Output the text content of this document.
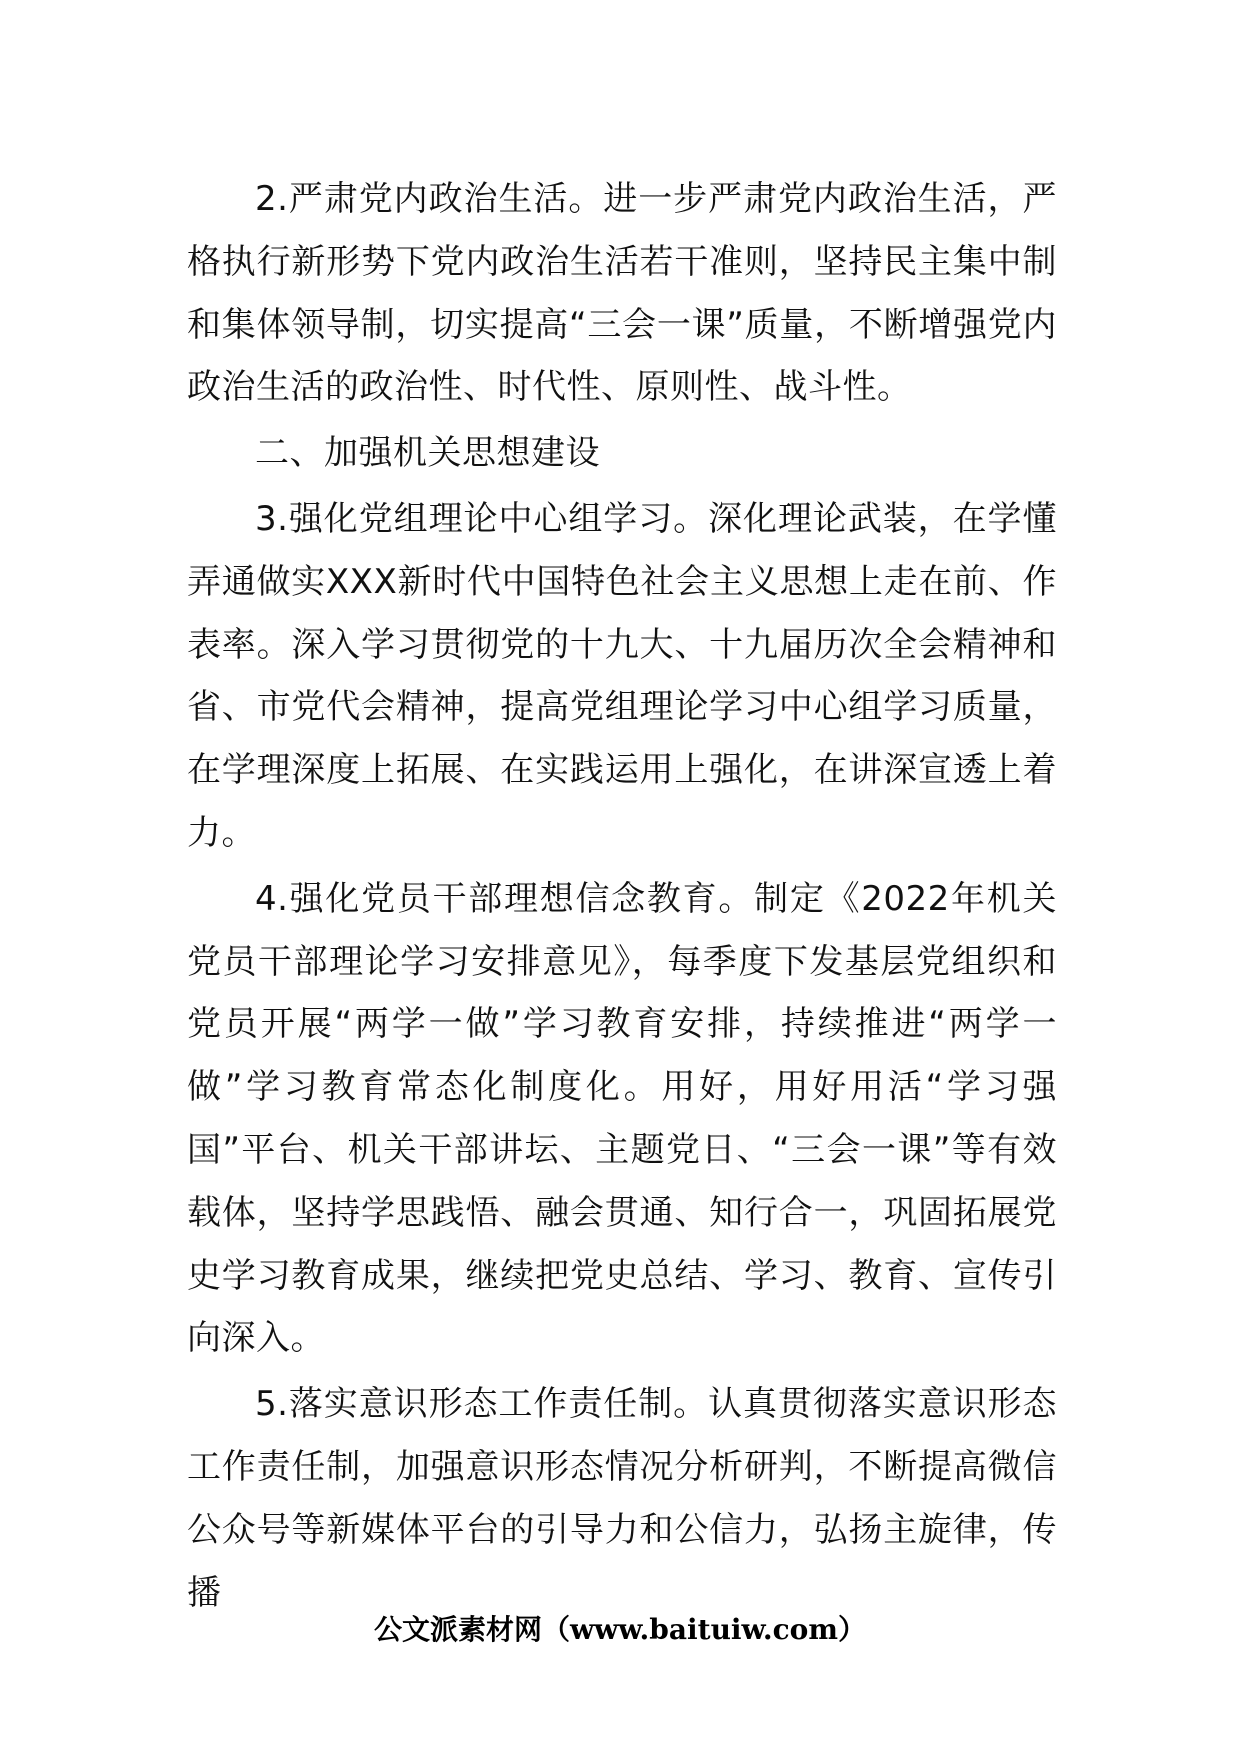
2.严肃党内政治生活。进一步严肃党内政治生活，严格执行新形势下党内政治生活若干准则，坚持民主集中制和集体领导制，切实提高“三会一课”质量，不断增强党内政治生活的政治性、时代性、原则性、战斗性。

二、加强机关思想建设

3.强化党组理论中心组学习。深化理论武装，在学懂弄通做实XXX新时代中国特色社会主义思想上走在前、作表率。深入学习贯彻党的十九大、十九届历次全会精神和省、市党代会精神，提高党组理论学习中心组学习质量，在学理深度上拓展、在实践运用上强化，在讲深宣透上着力。

4.强化党员干部理想信念教育。制定《2022年机关党员干部理论学习安排意见》，每季度下发基层党组织和党员开展“两学一做”学习教育安排，持续推进“两学一做”学习教育常态化制度化。用好，用好用活“学习强国”平台、机关干部讲坛、主题党日、“三会一课”等有效载体，坚持学思践悟、融会贯通、知行合一，巩固拓展党史学习教育成果，继续把党史总结、学习、教育、宣传引向深入。

5.落实意识形态工作责任制。认真贯彻落实意识形态工作责任制，加强意识形态情况分析研判，不断提高微信公众号等新媒体平台的引导力和公信力，弘扬主旋律，传播

公文派素材网（www.baituiw.com）
